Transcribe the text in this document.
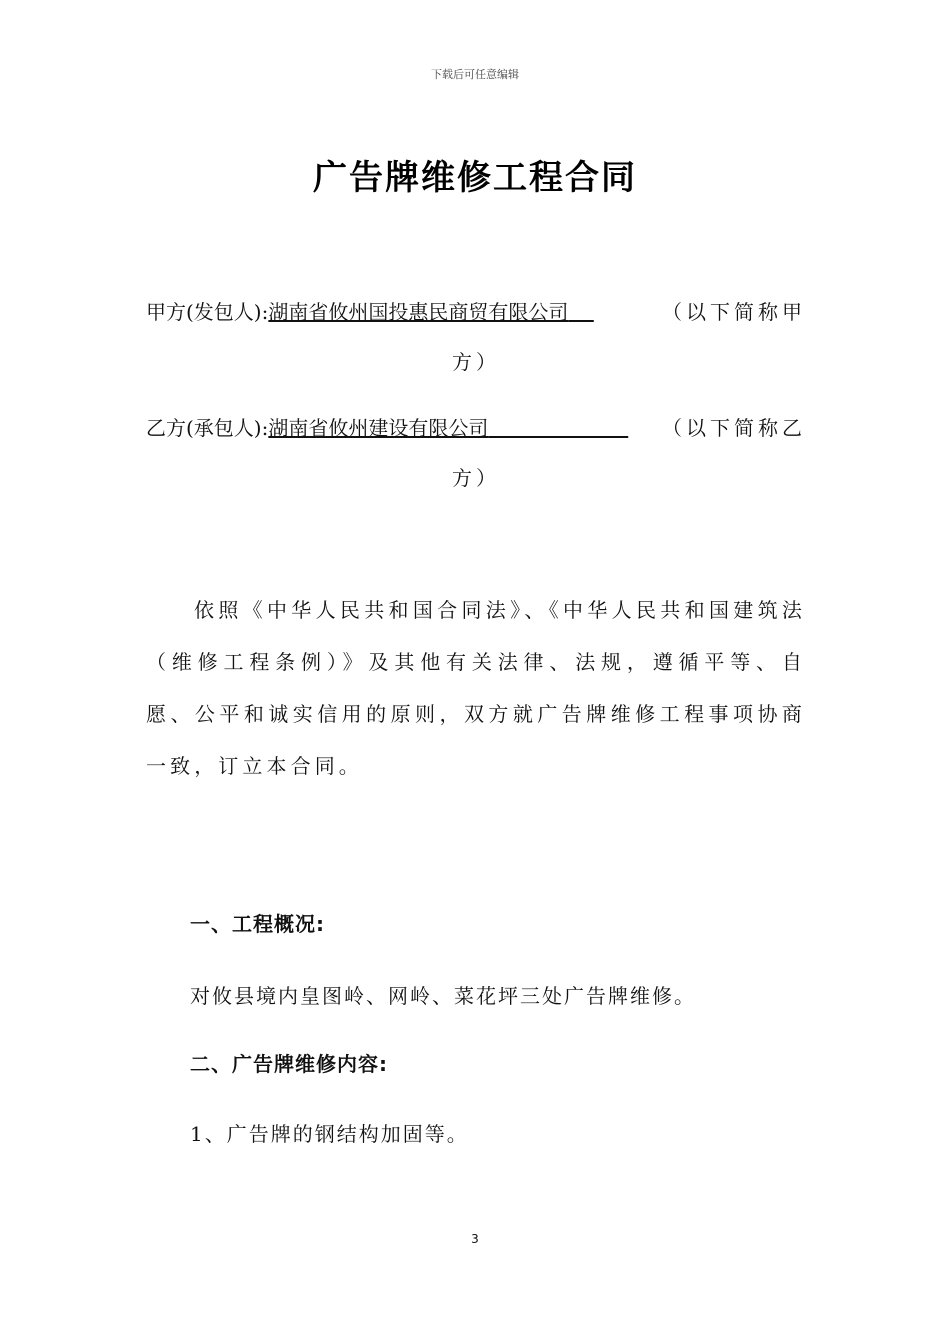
下载后可任意编辑
广告牌维修工程合同
甲方(发包人):湖南省攸州国投惠民商贸有限公司	（以下简称甲
方）
乙方(承包人):湖南省攸州建设有限公司	（以下简称乙
方）
依照《中华人民共和国合同法》、《中华人民共和国建筑法（维修工程条例）》及其他有关法律、法规，遵循平等、自愿、公平和诚实信用的原则，双方就广告牌维修工程事项协商一致，订立本合同。
一、工程概况:
对攸县境内皇图岭、网岭、菜花坪三处广告牌维修。
二、广告牌维修内容:
1、广告牌的钢结构加固等。
3
